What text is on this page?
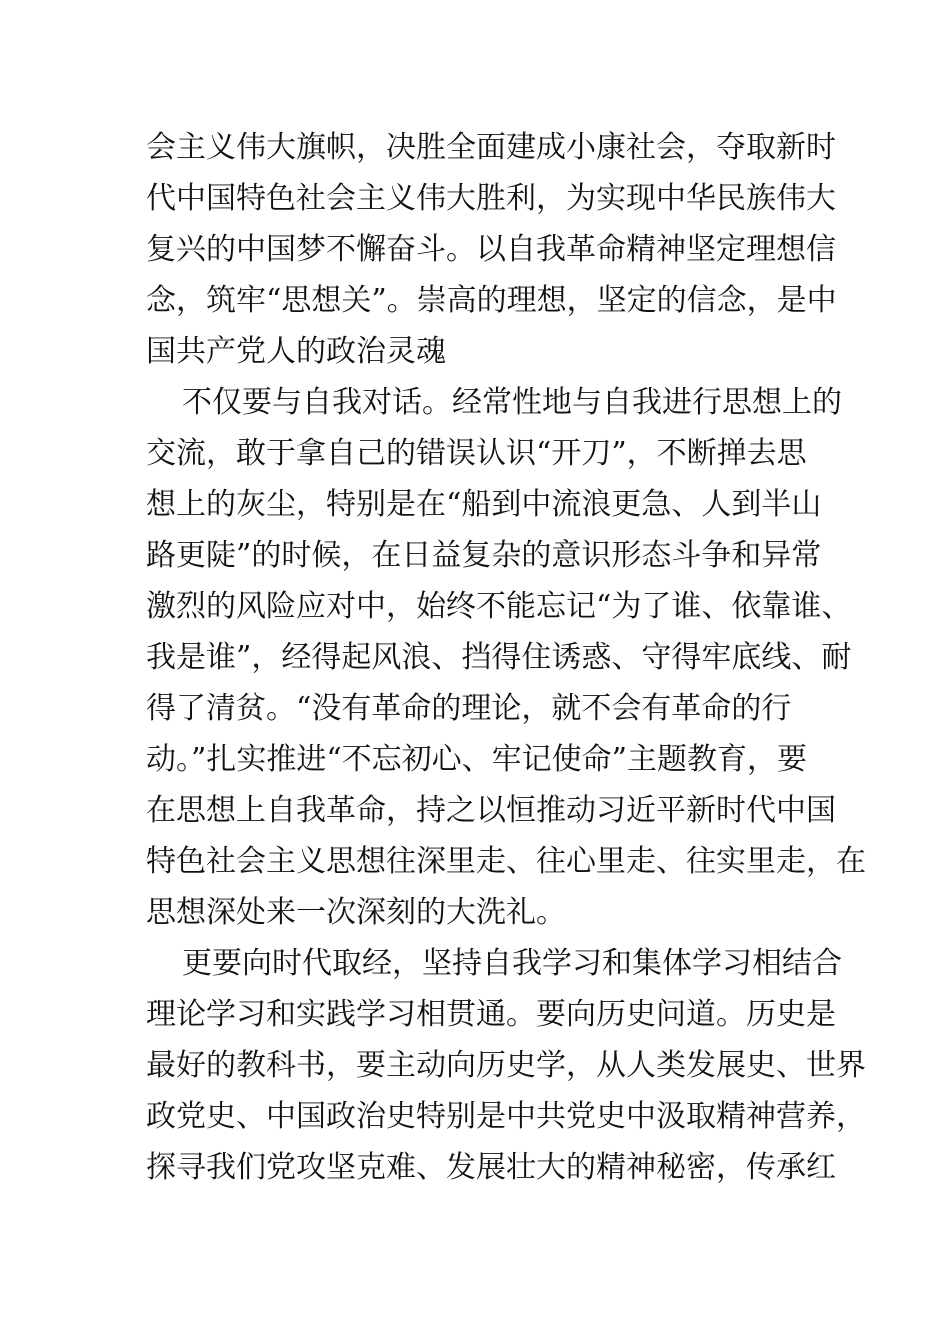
会主义伟大旗帜，决胜全面建成小康社会，夺取新时
代中国特色社会主义伟大胜利，为实现中华民族伟大
复兴的中国梦不懈奋斗。以自我革命精神坚定理想信
念，筑牢“思想关”。崇高的理想，坚定的信念，是中
国共产党人的政治灵魂
不仅要与自我对话。经常性地与自我进行思想上的
交流，敢于拿自己的错误认识“开刀”，不断掸去思
想上的灰尘，特别是在“船到中流浪更急、人到半山
路更陡”的时候，在日益复杂的意识形态斗争和异常
激烈的风险应对中，始终不能忘记“为了谁、依靠谁、
我是谁”，经得起风浪、挡得住诱惑、守得牢底线、耐
得了清贫。“没有革命的理论，就不会有革命的行
动。”扎实推进“不忘初心、牢记使命”主题教育，要
在思想上自我革命，持之以恒推动习近平新时代中国
特色社会主义思想往深里走、往心里走、往实里走，在
思想深处来一次深刻的大洗礼。
更要向时代取经，坚持自我学习和集体学习相结合
理论学习和实践学习相贯通。要向历史问道。历史是
最好的教科书，要主动向历史学，从人类发展史、世界
政党史、中国政治史特别是中共党史中汲取精神营养，
探寻我们党攻坚克难、发展壮大的精神秘密，传承红
